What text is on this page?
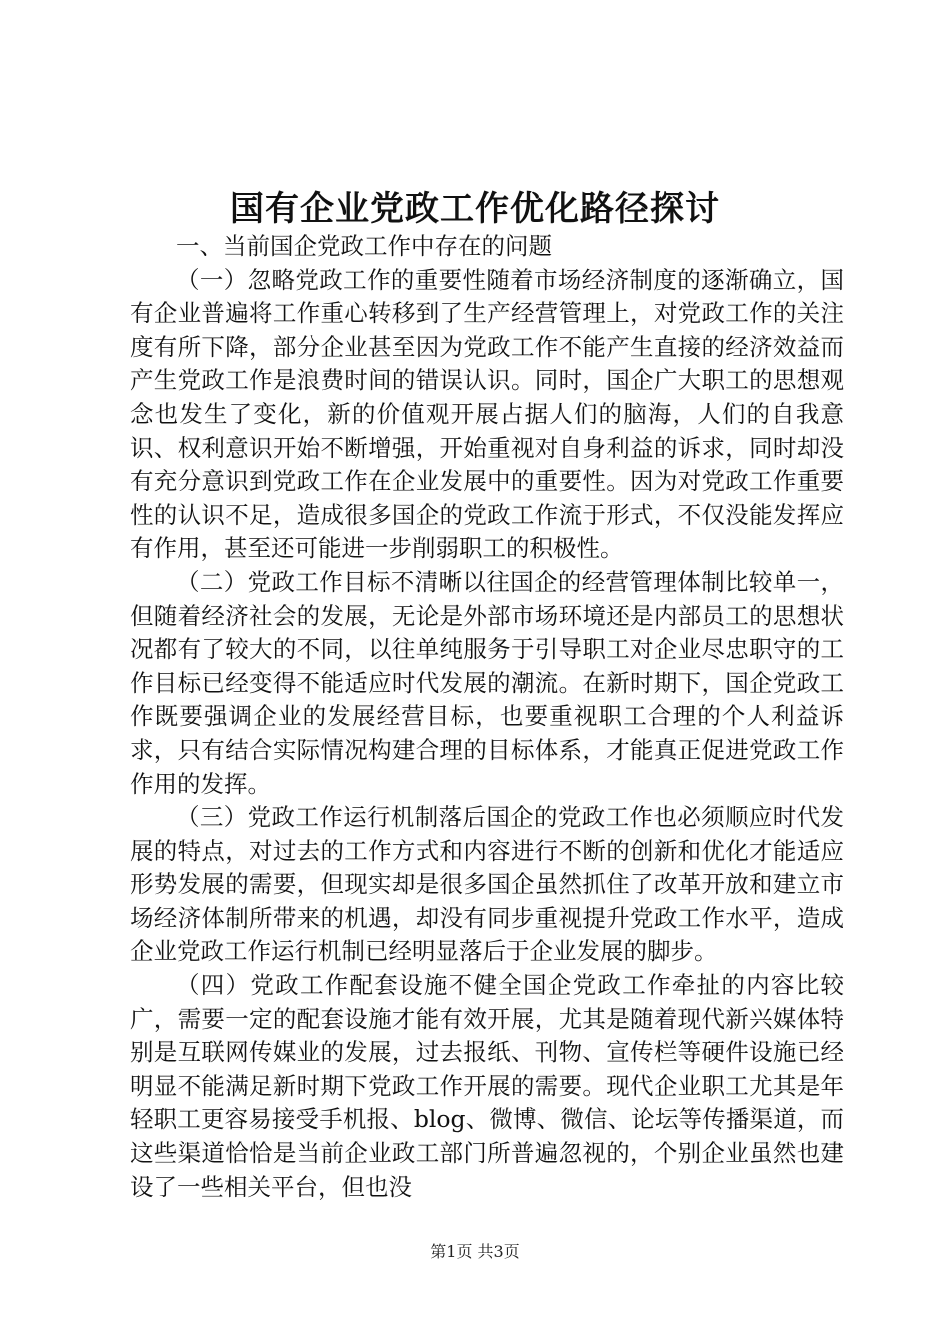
国有企业党政工作优化路径探讨

一、当前国企党政工作中存在的问题

（一）忽略党政工作的重要性随着市场经济制度的逐渐确立，国有企业普遍将工作重心转移到了生产经营管理上，对党政工作的关注度有所下降，部分企业甚至因为党政工作不能产生直接的经济效益而产生党政工作是浪费时间的错误认识。同时，国企广大职工的思想观念也发生了变化，新的价值观开展占据人们的脑海，人们的自我意识、权利意识开始不断增强，开始重视对自身利益的诉求，同时却没有充分意识到党政工作在企业发展中的重要性。因为对党政工作重要性的认识不足，造成很多国企的党政工作流于形式，不仅没能发挥应有作用，甚至还可能进一步削弱职工的积极性。

（二）党政工作目标不清晰以往国企的经营管理体制比较单一，但随着经济社会的发展，无论是外部市场环境还是内部员工的思想状况都有了较大的不同，以往单纯服务于引导职工对企业尽忠职守的工作目标已经变得不能适应时代发展的潮流。在新时期下，国企党政工作既要强调企业的发展经营目标，也要重视职工合理的个人利益诉求，只有结合实际情况构建合理的目标体系，才能真正促进党政工作作用的发挥。

（三）党政工作运行机制落后国企的党政工作也必须顺应时代发展的特点，对过去的工作方式和内容进行不断的创新和优化才能适应形势发展的需要，但现实却是很多国企虽然抓住了改革开放和建立市场经济体制所带来的机遇，却没有同步重视提升党政工作水平，造成企业党政工作运行机制已经明显落后于企业发展的脚步。

（四）党政工作配套设施不健全国企党政工作牵扯的内容比较广，需要一定的配套设施才能有效开展，尤其是随着现代新兴媒体特别是互联网传媒业的发展，过去报纸、刊物、宣传栏等硬件设施已经明显不能满足新时期下党政工作开展的需要。现代企业职工尤其是年轻职工更容易接受手机报、blog、微博、微信、论坛等传播渠道，而这些渠道恰恰是当前企业政工部门所普遍忽视的，个别企业虽然也建设了一些相关平台，但也没

第1页 共3页
